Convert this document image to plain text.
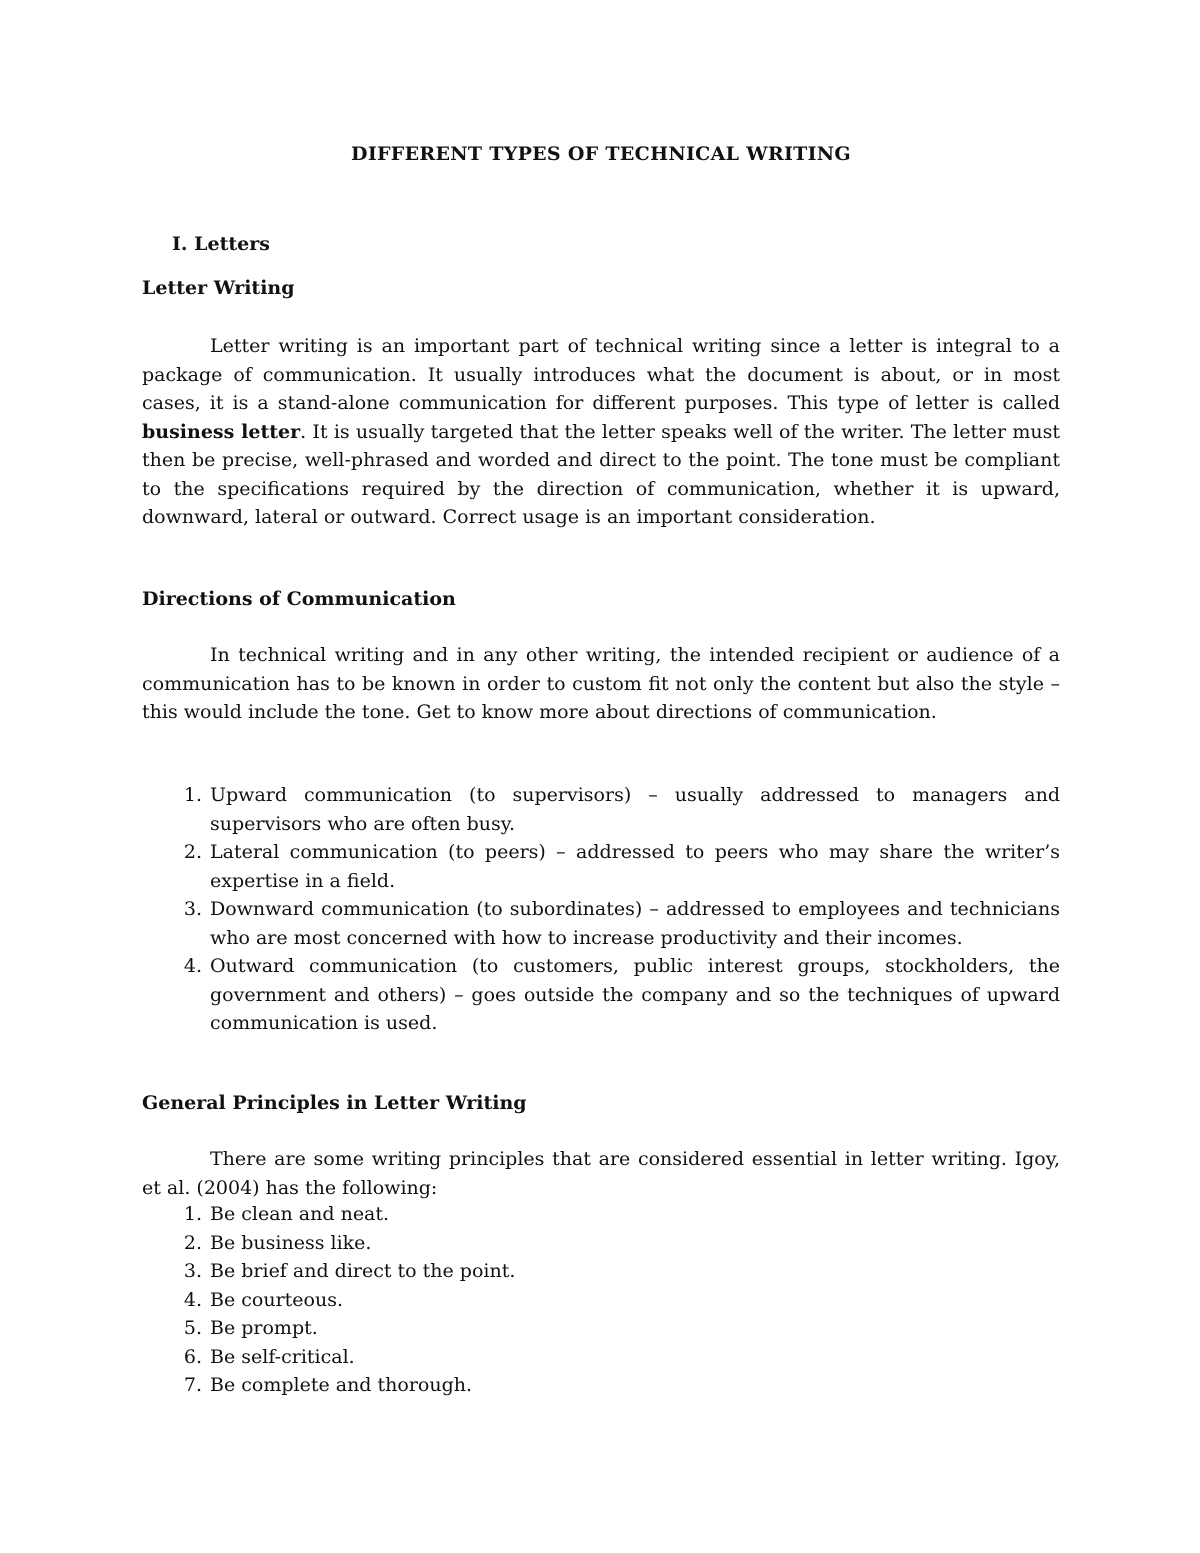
DIFFERENT TYPES OF TECHNICAL WRITING
I. Letters
Letter Writing
Letter writing is an important part of technical writing since a letter is integral to a package of communication. It usually introduces what the document is about, or in most cases, it is a stand-alone communication for different purposes. This type of letter is called business letter. It is usually targeted that the letter speaks well of the writer. The letter must then be precise, well-phrased and worded and direct to the point. The tone must be compliant to the specifications required by the direction of communication, whether it is upward, downward, lateral or outward. Correct usage is an important consideration.
Directions of Communication
In technical writing and in any other writing, the intended recipient or audience of a communication has to be known in order to custom fit not only the content but also the style – this would include the tone. Get to know more about directions of communication.
1. Upward communication (to supervisors) – usually addressed to managers and supervisors who are often busy.
2. Lateral communication (to peers) – addressed to peers who may share the writer’s expertise in a field.
3. Downward communication (to subordinates) – addressed to employees and technicians who are most concerned with how to increase productivity and their incomes.
4. Outward communication (to customers, public interest groups, stockholders, the government and others) – goes outside the company and so the techniques of upward communication is used.
General Principles in Letter Writing
There are some writing principles that are considered essential in letter writing. Igoy, et al. (2004) has the following:
1. Be clean and neat.
2. Be business like.
3. Be brief and direct to the point.
4. Be courteous.
5. Be prompt.
6. Be self-critical.
7. Be complete and thorough.
